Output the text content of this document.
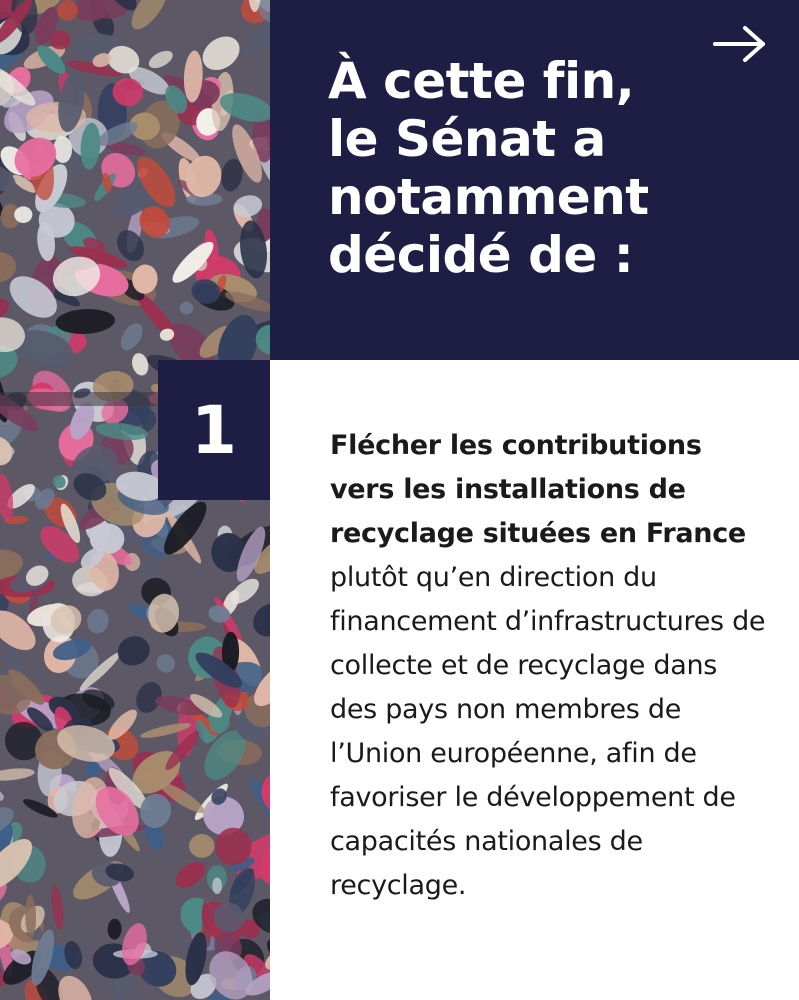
À cette fin,
le Sénat a
notamment
décidé de :
1	Flécher les contributions vers les installations de recyclage situées en France plutôt qu’en direction du financement d’infrastructures de collecte et de recyclage dans des pays non membres de l’Union européenne, afin de favoriser le développement de capacités nationales de recyclage.
